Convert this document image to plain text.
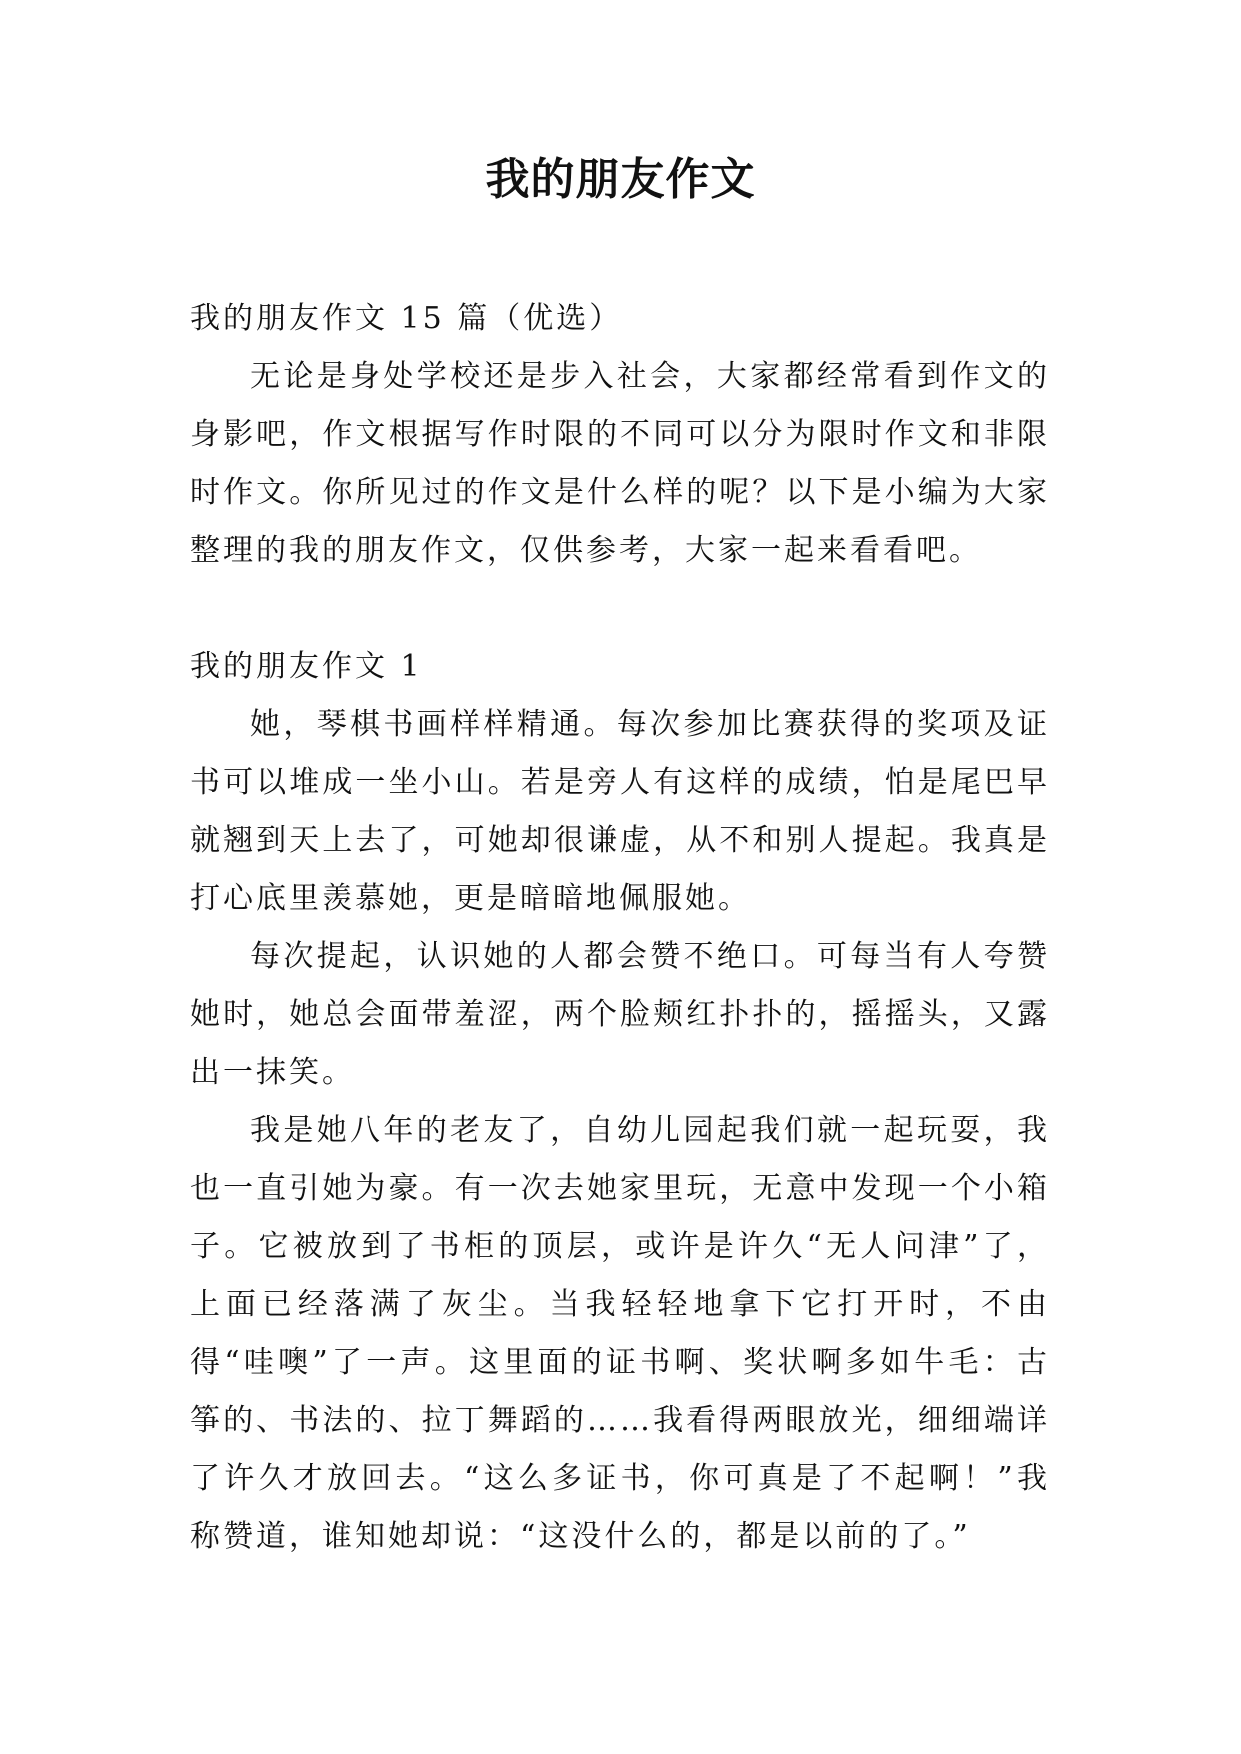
我的朋友作文

我的朋友作文 15 篇（优选）

无论是身处学校还是步入社会，大家都经常看到作文的身影吧，作文根据写作时限的不同可以分为限时作文和非限时作文。你所见过的作文是什么样的呢？以下是小编为大家整理的我的朋友作文，仅供参考，大家一起来看看吧。

我的朋友作文 1

她，琴棋书画样样精通。每次参加比赛获得的奖项及证书可以堆成一坐小山。若是旁人有这样的成绩，怕是尾巴早就翘到天上去了，可她却很谦虚，从不和别人提起。我真是打心底里羡慕她，更是暗暗地佩服她。

每次提起，认识她的人都会赞不绝口。可每当有人夸赞她时，她总会面带羞涩，两个脸颊红扑扑的，摇摇头，又露出一抹笑。

我是她八年的老友了，自幼儿园起我们就一起玩耍，我也一直引她为豪。有一次去她家里玩，无意中发现一个小箱子。它被放到了书柜的顶层，或许是许久“无人问津”了，上面已经落满了灰尘。当我轻轻地拿下它打开时，不由得“哇噢”了一声。这里面的证书啊、奖状啊多如牛毛：古筝的、书法的、拉丁舞蹈的……我看得两眼放光，细细端详了许久才放回去。“这么多证书，你可真是了不起啊！”我称赞道，谁知她却说：“这没什么的，都是以前的了。”
